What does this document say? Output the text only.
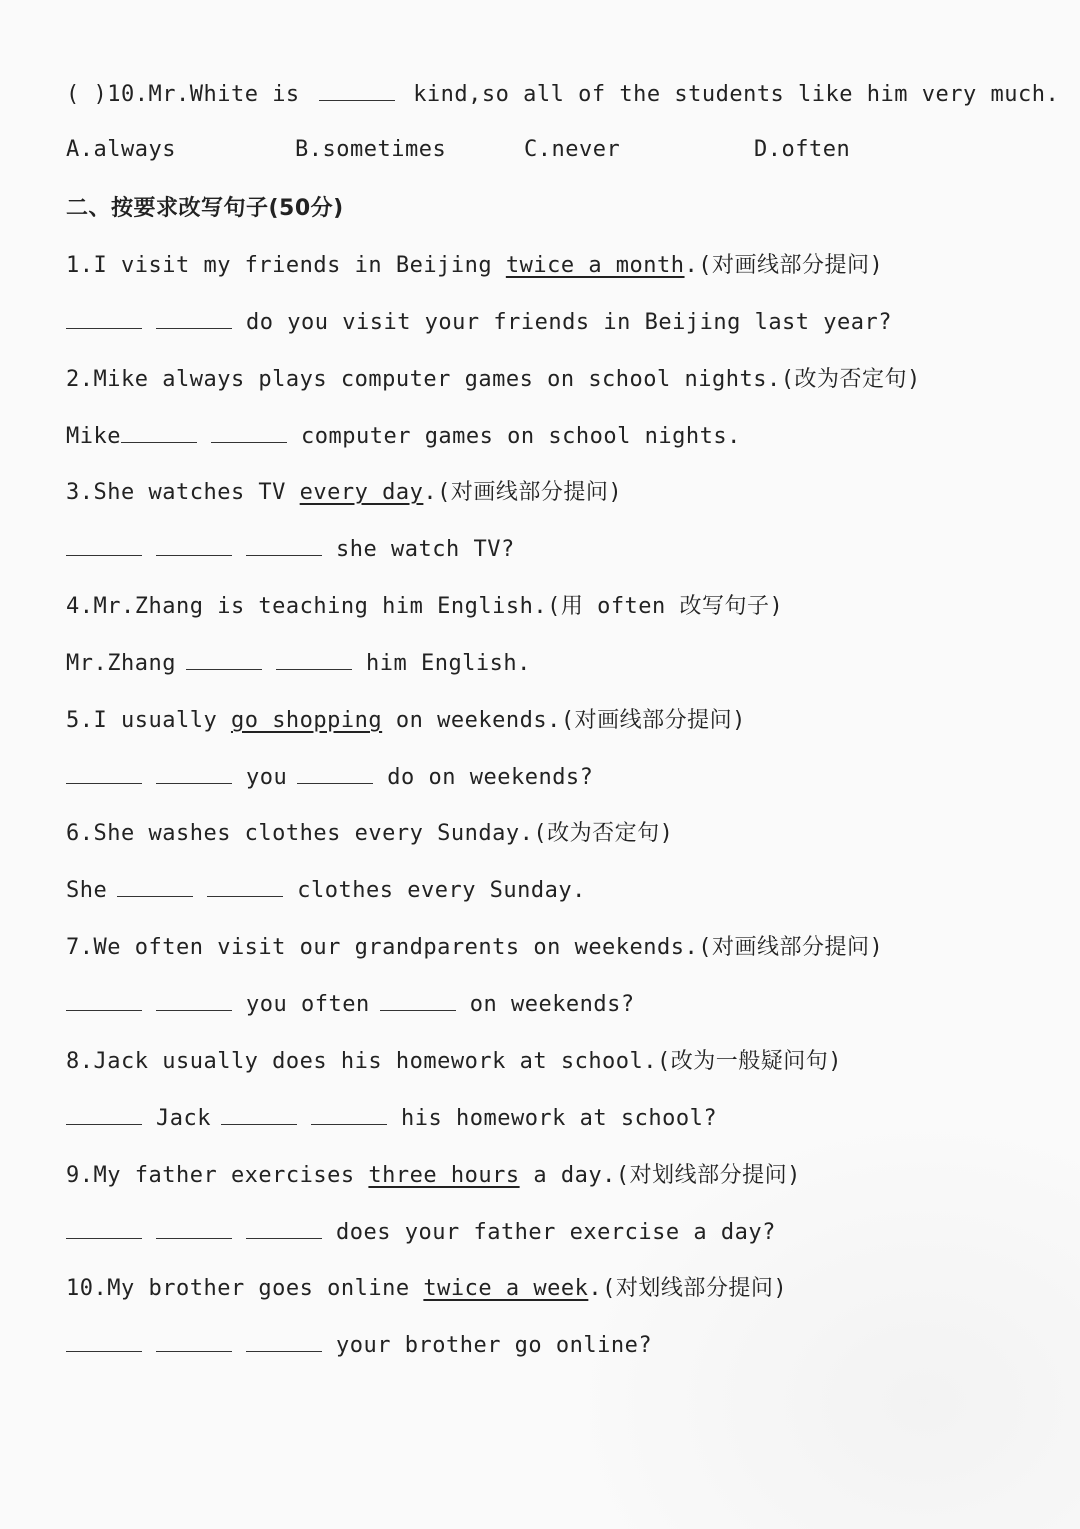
( )10.Mr.White is	kind,so all of the students like him very much.
A.always	B.sometimes	C.never	D.often
二、按要求改写句子(50分)
1.I visit my friends in Beijing twice a month.(对画线部分提问)
do you visit your friends in Beijing last year?
2.Mike always plays computer games on school nights.(改为否定句)
Mike	computer games on school nights.
3.She watches TV every day.(对画线部分提问)
she watch TV?
4.Mr.Zhang is teaching him English.(用 often 改写句子)
Mr.Zhang	him English.
5.I usually go shopping on weekends.(对画线部分提问)
you	do on weekends?
6.She washes clothes every Sunday.(改为否定句)
She	clothes every Sunday.
7.We often visit our grandparents on weekends.(对画线部分提问)
you often	on weekends?
8.Jack usually does his homework at school.(改为一般疑问句)
Jack	his homework at school?
9.My father exercises three hours a day.(对划线部分提问)
does your father exercise a day?
10.My brother goes online twice a week.(对划线部分提问)
your brother go online?
